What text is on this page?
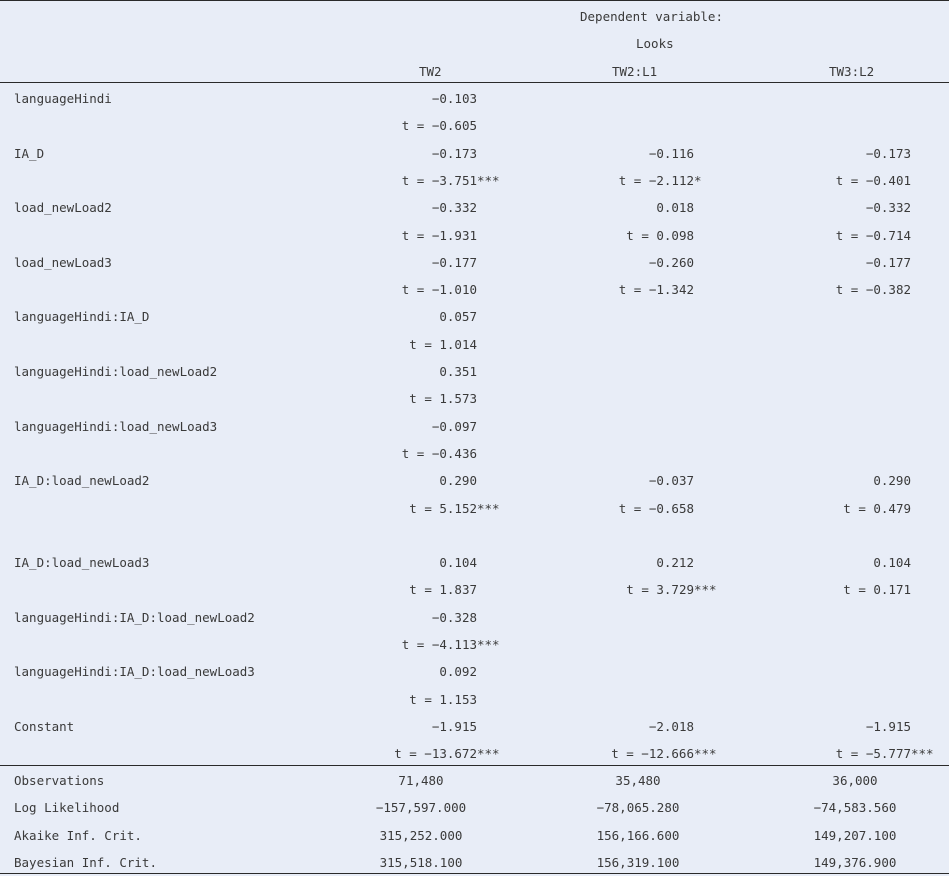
Dependent variable:
Looks
TW2	TW2:L1	TW3:L2
languageHindi	−0.103
t = −0.605
IA_D	−0.173	−0.116	−0.173
t = −3.751 ***	t = −2.112 *	t = −0.401
load_newLoad2	−0.332	0.018	−0.332
t = −1.931	t = 0.098	t = −0.714
load_newLoad3	−0.177	−0.260	−0.177
t = −1.010	t = −1.342	t = −0.382
languageHindi:IA_D	0.057
t = 1.014
languageHindi:load_newLoad2	0.351
t = 1.573
languageHindi:load_newLoad3	−0.097
t = −0.436
IA_D:load_newLoad2	0.290	−0.037	0.290
t = 5.152 ***	t = −0.658	t = 0.479
IA_D:load_newLoad3	0.104	0.212	0.104
t = 1.837	t = 3.729 ***	t = 0.171
languageHindi:IA_D:load_newLoad2	−0.328
t = −4.113 ***
languageHindi:IA_D:load_newLoad3	0.092
t = 1.153
Constant	−1.915	−2.018	−1.915
t = −13.672 ***	t = −12.666 ***	t = −5.777 ***
Observations	71,480	35,480	36,000
Log Likelihood	−157,597.000	−78,065.280	−74,583.560
Akaike Inf. Crit.	315,252.000	156,166.600	149,207.100
Bayesian Inf. Crit.	315,518.100	156,319.100	149,376.900
